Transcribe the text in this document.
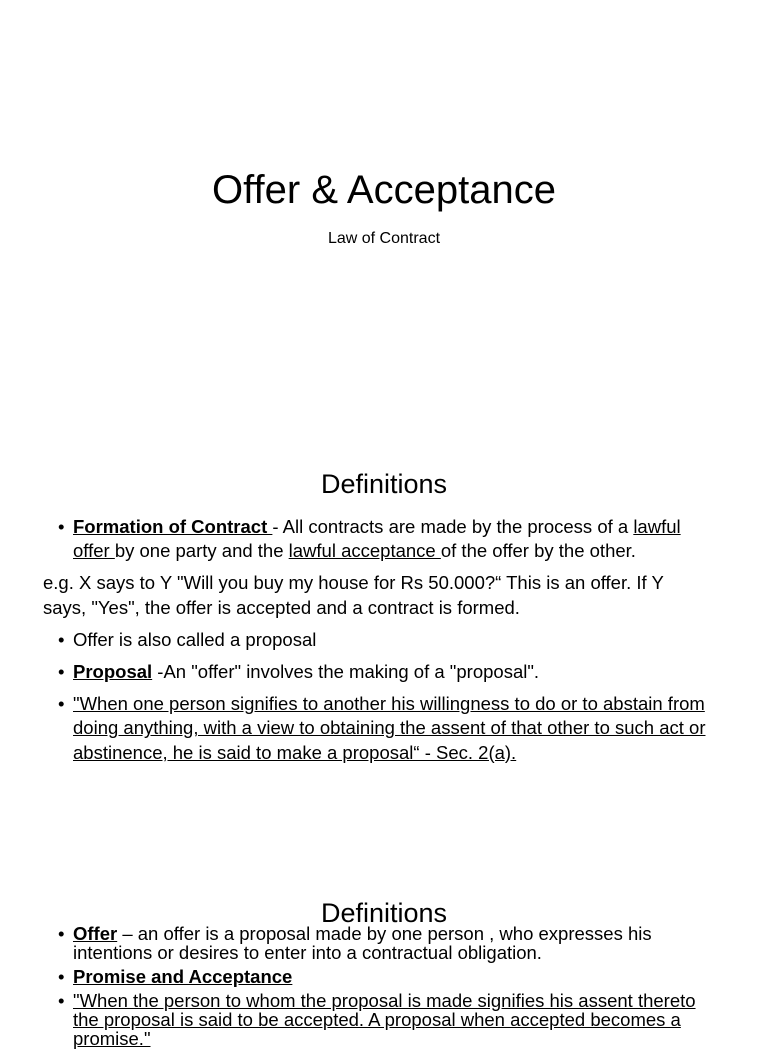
Offer & Acceptance
Law of Contract
Definitions
• Formation of Contract - All contracts are made by the process of a lawful offer by one party and the lawful acceptance of the offer by the other.
e.g. X says to Y "Will you buy my house for Rs 50.000?“ This is an offer. If Y says, "Yes", the offer is accepted and a contract is formed.
• Offer is also called a proposal
• Proposal -An "offer" involves the making of a "proposal".
• "When one person signifies to another his willingness to do or to abstain from doing anything, with a view to obtaining the assent of that other to such act or abstinence, he is said to make a proposal“ - Sec. 2(a).
Definitions
• Offer – an offer is a proposal made by one person , who expresses his intentions or desires to enter into a contractual obligation.
• Promise and Acceptance
• "When the person to whom the proposal is made signifies his assent thereto the proposal is said to be accepted. A proposal when accepted becomes a promise."
